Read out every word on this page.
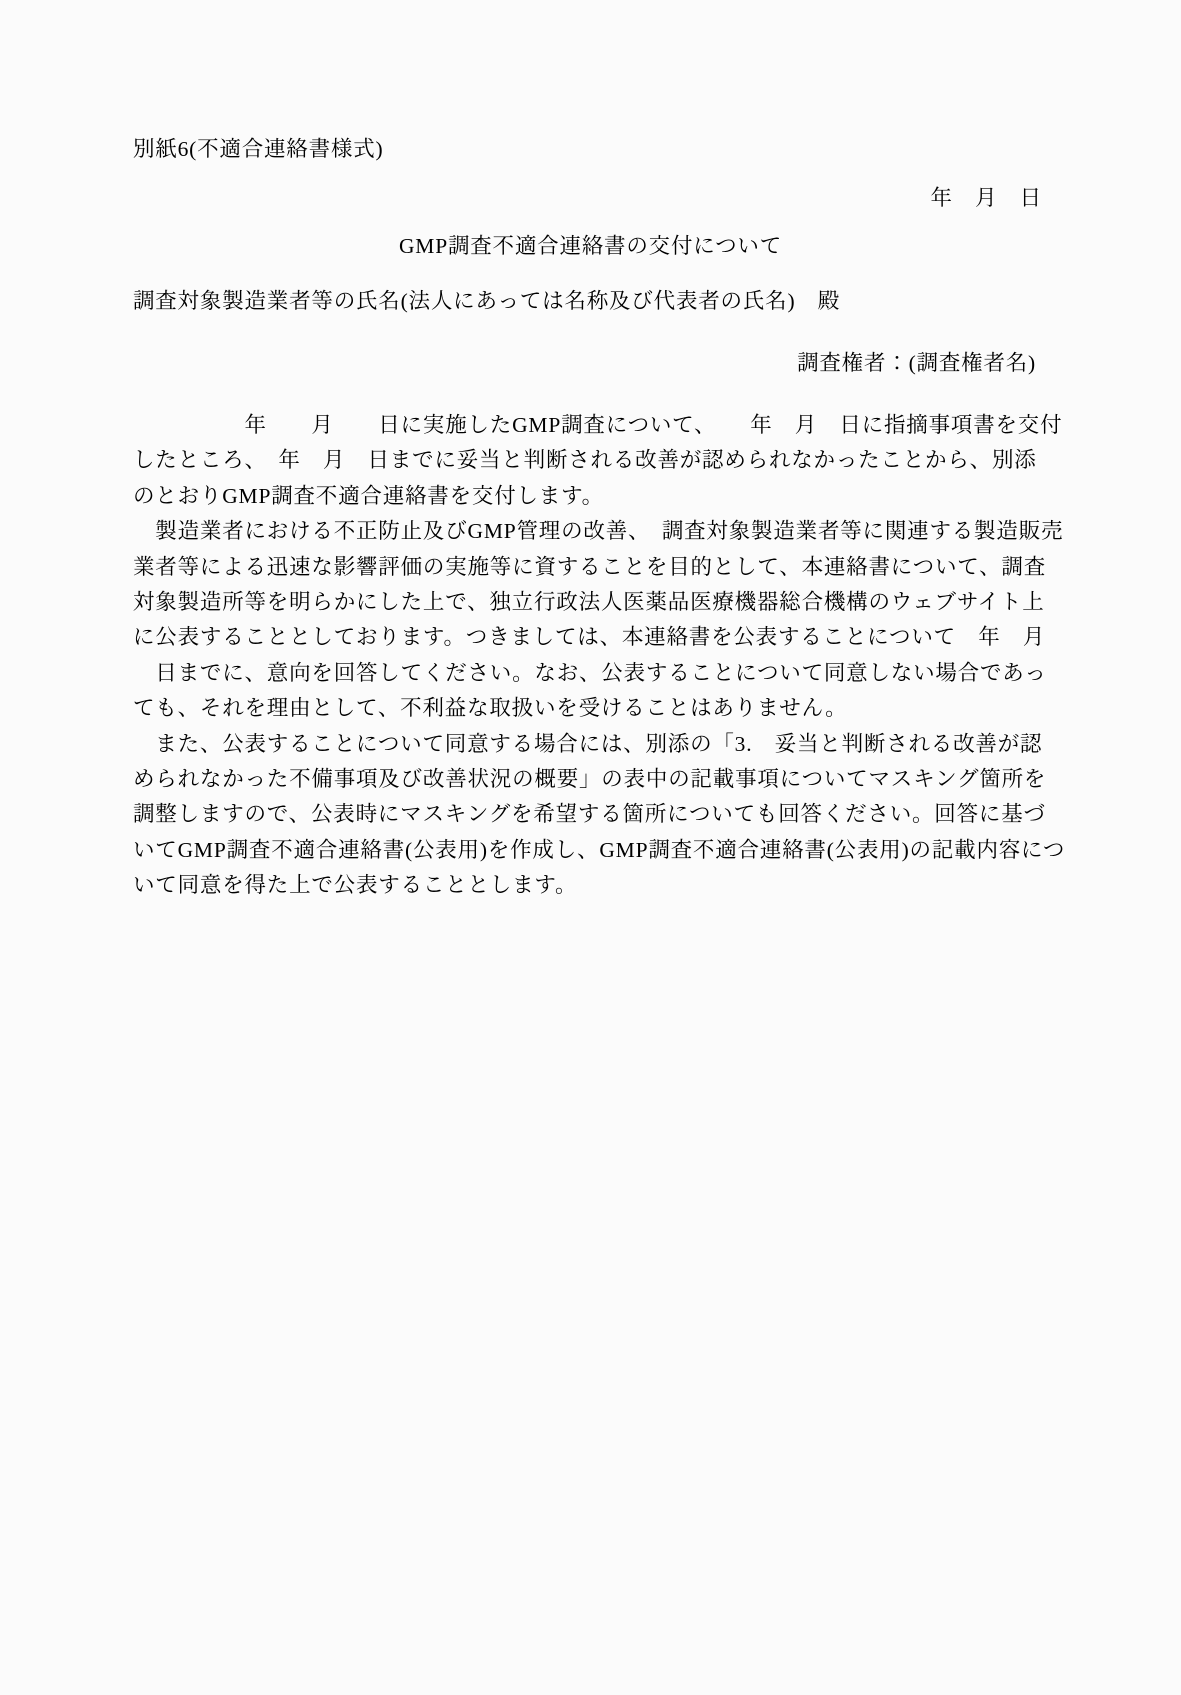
別紙6(不適合連絡書様式)
年　月　日
GMP調査不適合連絡書の交付について
調査対象製造業者等の氏名(法人にあっては名称及び代表者の氏名)　殿
調査権者：(調査権者名)
　　　　　年　　月　　日に実施したGMP調査について、　　年　月　日に指摘事項書を交付
したところ、　年　月　日までに妥当と判断される改善が認められなかったことから、別添
のとおりGMP調査不適合連絡書を交付します。
　製造業者における不正防止及びGMP管理の改善、　調査対象製造業者等に関連する製造販売
業者等による迅速な影響評価の実施等に資することを目的として、本連絡書について、調査
対象製造所等を明らかにした上で、独立行政法人医薬品医療機器総合機構のウェブサイト上
に公表することとしております。つきましては、本連絡書を公表することについて　年　月
　日までに、意向を回答してください。なお、公表することについて同意しない場合であっ
ても、それを理由として、不利益な取扱いを受けることはありません。
　また、公表することについて同意する場合には、別添の「3.　妥当と判断される改善が認
められなかった不備事項及び改善状況の概要」の表中の記載事項についてマスキング箇所を
調整しますので、公表時にマスキングを希望する箇所についても回答ください。回答に基づ
いてGMP調査不適合連絡書(公表用)を作成し、GMP調査不適合連絡書(公表用)の記載内容につ
いて同意を得た上で公表することとします。
